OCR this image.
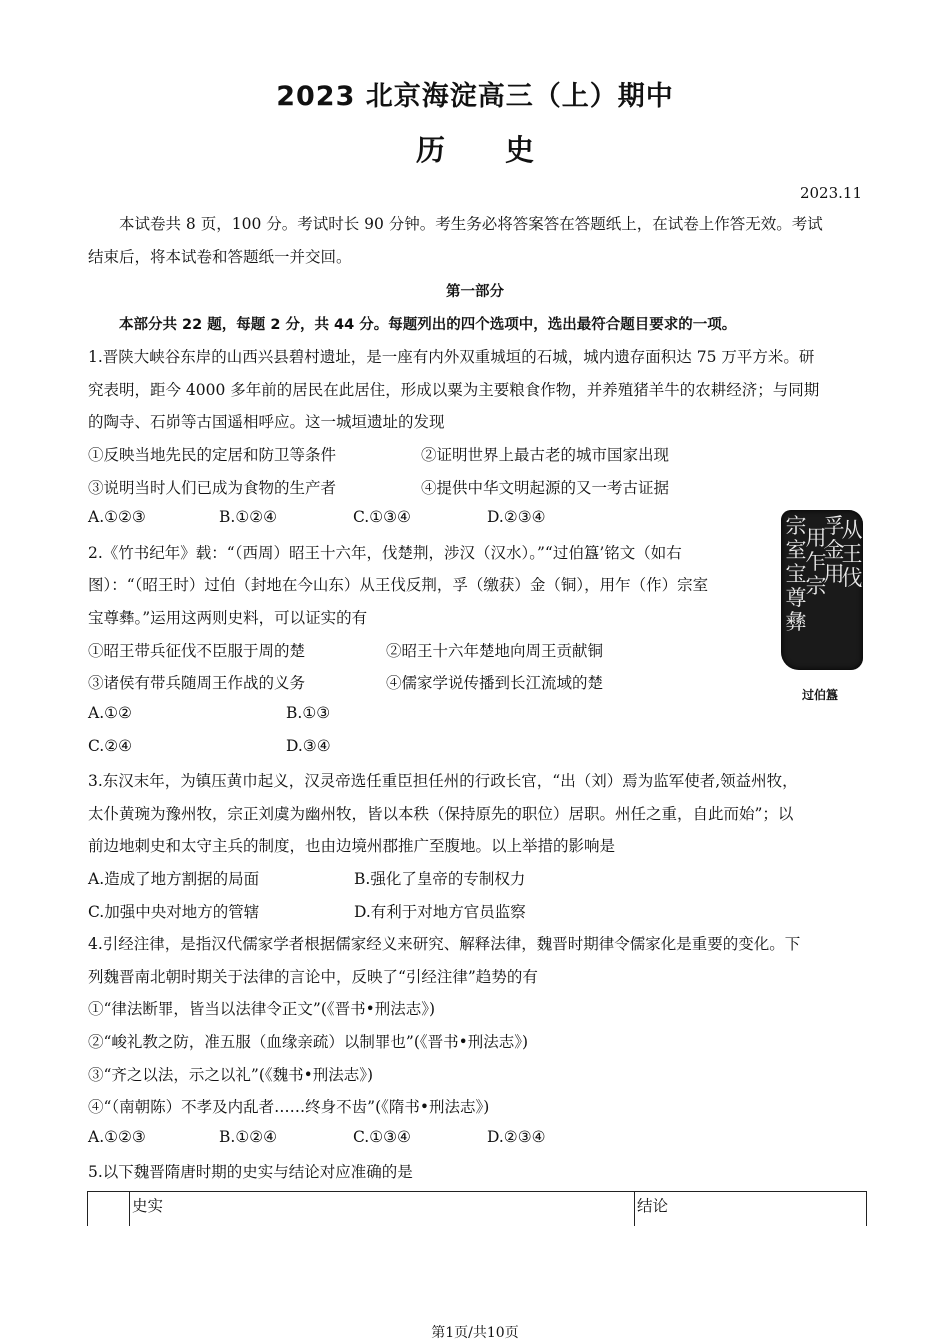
2023 北京海淀高三（上）期中
历 史
2023.11
本试卷共 8 页，100 分。考试时长 90 分钟。考生务必将答案答在答题纸上，在试卷上作答无效。考试
结束后，将本试卷和答题纸一并交回。
第一部分
本部分共 22 题，每题 2 分，共 44 分。每题列出的四个选项中，选出最符合题目要求的一项。
1.晋陕大峡谷东岸的山西兴县碧村遗址，是一座有内外双重城垣的石城，城内遗存面积达 75 万平方米。研
究表明，距今 4000 多年前的居民在此居住，形成以粟为主要粮食作物，并养殖猪羊牛的农耕经济；与同期
的陶寺、石峁等古国遥相呼应。这一城垣遗址的发现
①反映当地先民的定居和防卫等条件	②证明世界上最古老的城市国家出现
③说明当时人们已成为食物的生产者	④提供中华文明起源的又一考古证据
A.①②③	B.①②④	C.①③④	D.②③④
2.《竹书纪年》载：“（西周）昭王十六年，伐楚荆，涉汉（汉水）。”“过伯簋’铭文（如右
图）：“（昭王时）过伯（封地在今山东）从王伐反荆，孚（缴获）金（铜），用乍（作）宗室
宝尊彝。”运用这两则史料，可以证实的有
①昭王带兵征伐不臣服于周的楚	②昭王十六年楚地向周王贡献铜
③诸侯有带兵随周王作战的义务	④儒家学说传播到长江流域的楚
A.①②	B.①③
C.②④	D.③④
宗
室
宝
尊
彝
用
乍
宗
孚
金
用
从
王
伐
过伯簋
3.东汉末年，为镇压黄巾起义，汉灵帝选任重臣担任州的行政长官，“出（刘）焉为监军使者,领益州牧，
太仆黄琬为豫州牧，宗正刘虞为幽州牧，皆以本秩（保持原先的职位）居职。州任之重，自此而始”；以
前边地刺史和太守主兵的制度，也由边境州郡推广至腹地。以上举措的影响是
A.造成了地方割据的局面	B.强化了皇帝的专制权力
C.加强中央对地方的管辖	D.有利于对地方官员监察
4.引经注律，是指汉代儒家学者根据儒家经义来研究、解释法律，魏晋时期律令儒家化是重要的变化。下
列魏晋南北朝时期关于法律的言论中，反映了“引经注律”趋势的有
①“律法断罪，皆当以法律令正文”(《晋书•刑法志》)
②“峻礼教之防，准五服（血缘亲疏）以制罪也”(《晋书•刑法志》)
③“齐之以法，示之以礼”(《魏书•刑法志》)
④“（南朝陈）不孝及内乱者……终身不齿”(《隋书•刑法志》)
A.①②③	B.①②④	C.①③④	D.②③④
5.以下魏晋隋唐时期的史实与结论对应准确的是
史实	结论
第1页/共10页
